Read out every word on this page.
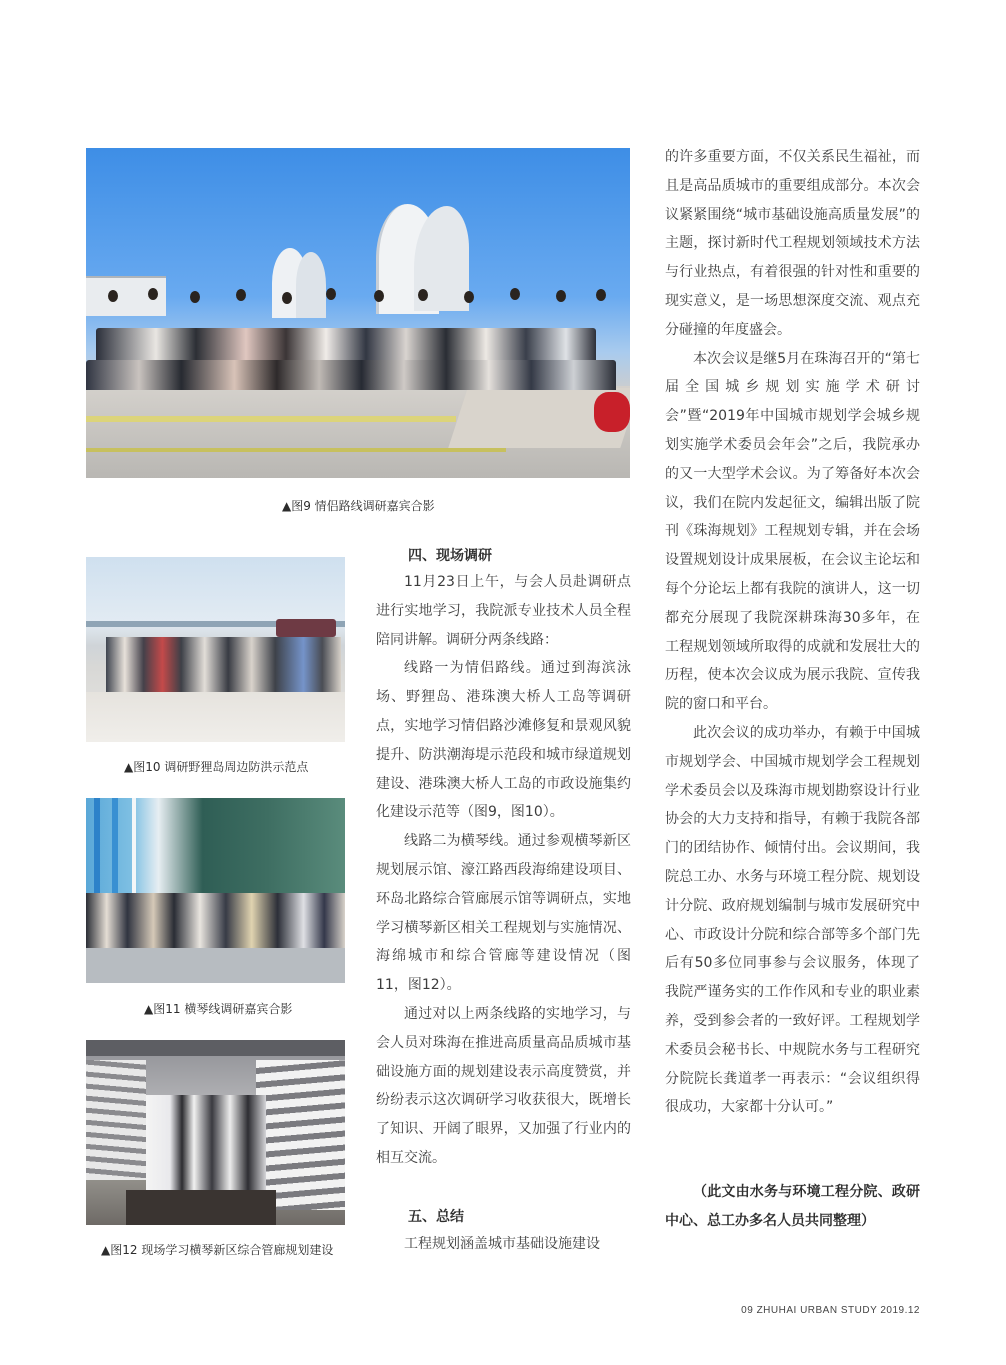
▲图9 情侣路线调研嘉宾合影
▲图10 调研野狸岛周边防洪示范点
▲图11 横琴线调研嘉宾合影
▲图12 现场学习横琴新区综合管廊规划建设
四、现场调研

11月23日上午，与会人员赴调研点进行实地学习，我院派专业技术人员全程陪同讲解。调研分两条线路：

线路一为情侣路线。通过到海滨泳场、野狸岛、港珠澳大桥人工岛等调研点，实地学习情侣路沙滩修复和景观风貌提升、防洪潮海堤示范段和城市绿道规划建设、港珠澳大桥人工岛的市政设施集约化建设示范等（图9，图10）。

线路二为横琴线。通过参观横琴新区规划展示馆、濠江路西段海绵建设项目、环岛北路综合管廊展示馆等调研点，实地学习横琴新区相关工程规划与实施情况、海绵城市和综合管廊等建设情况（图11，图12）。

通过对以上两条线路的实地学习，与会人员对珠海在推进高质量高品质城市基础设施方面的规划建设表示高度赞赏，并纷纷表示这次调研学习收获很大，既增长了知识、开阔了眼界，又加强了行业内的相互交流。

五、总结

工程规划涵盖城市基础设施建设

的许多重要方面，不仅关系民生福祉，而且是高品质城市的重要组成部分。本次会议紧紧围绕“城市基础设施高质量发展”的主题，探讨新时代工程规划领域技术方法与行业热点，有着很强的针对性和重要的现实意义，是一场思想深度交流、观点充分碰撞的年度盛会。

本次会议是继5月在珠海召开的“第七届全国城乡规划实施学术研讨会”暨“2019年中国城市规划学会城乡规划实施学术委员会年会”之后，我院承办的又一大型学术会议。为了筹备好本次会议，我们在院内发起征文，编辑出版了院刊《珠海规划》工程规划专辑，并在会场设置规划设计成果展板，在会议主论坛和每个分论坛上都有我院的演讲人，这一切都充分展现了我院深耕珠海30多年，在工程规划领域所取得的成就和发展壮大的历程，使本次会议成为展示我院、宣传我院的窗口和平台。

此次会议的成功举办，有赖于中国城市规划学会、中国城市规划学会工程规划学术委员会以及珠海市规划勘察设计行业协会的大力支持和指导，有赖于我院各部门的团结协作、倾情付出。会议期间，我院总工办、水务与环境工程分院、规划设计分院、政府规划编制与城市发展研究中心、市政设计分院和综合部等多个部门先后有50多位同事参与会议服务，体现了我院严谨务实的工作作风和专业的职业素养，受到参会者的一致好评。工程规划学术委员会秘书长、中规院水务与工程研究分院院长龚道孝一再表示：“会议组织得很成功，大家都十分认可。”

（此文由水务与环境工程分院、政研中心、总工办多名人员共同整理）

09 ZHUHAI URBAN STUDY 2019.12
